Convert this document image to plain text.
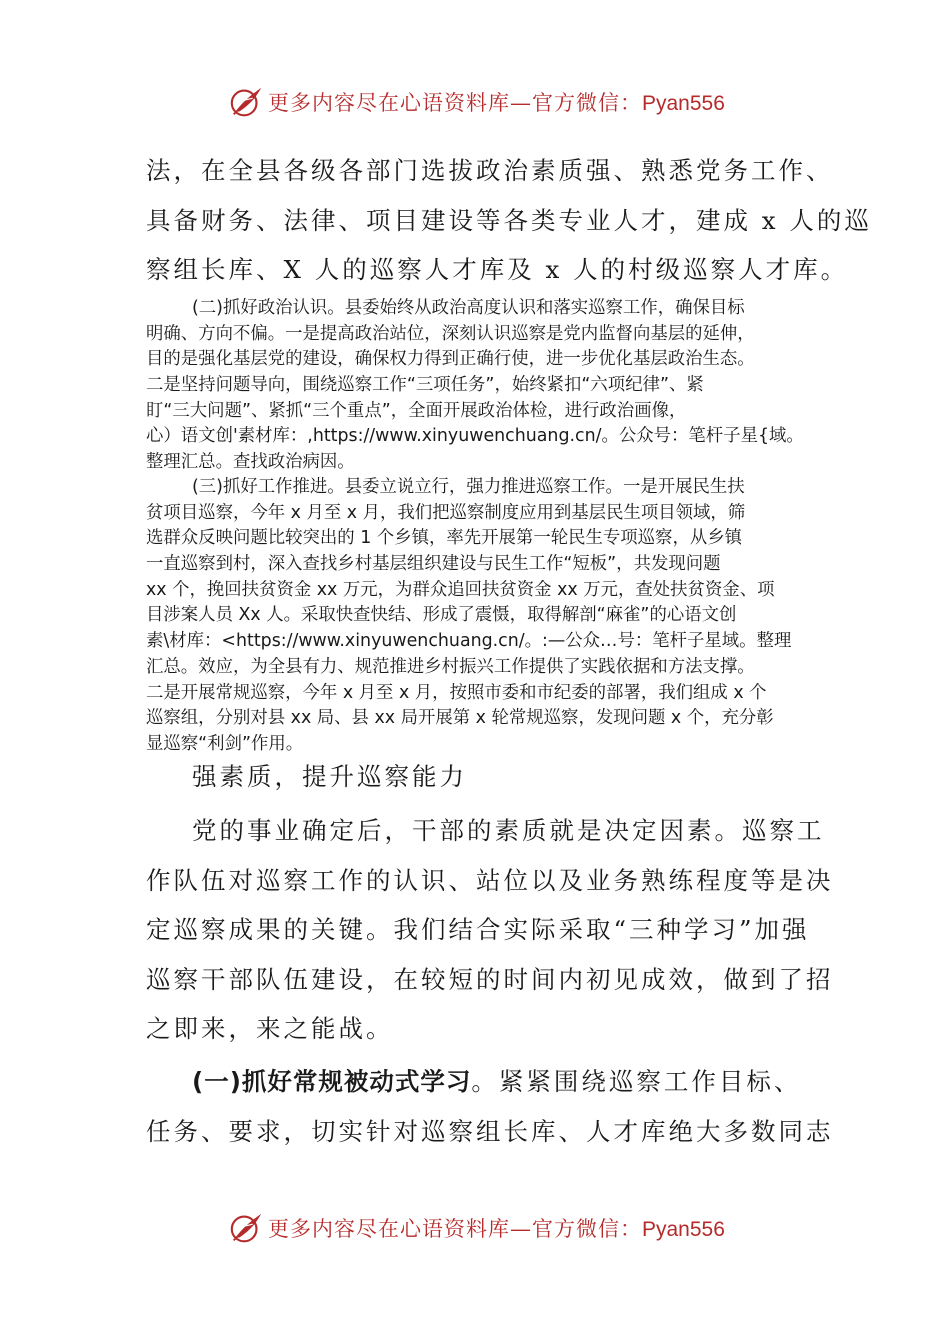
更多内容尽在心语资料库—官方微信：Pyan556
法，在全县各级各部门选拔政治素质强、熟悉党务工作、
具备财务、法律、项目建设等各类专业人才，建成 x 人的巡
察组长库、X 人的巡察人才库及 x 人的村级巡察人才库。
(二)抓好政治认识。县委始终从政治高度认识和落实巡察工作，确保目标
明确、方向不偏。一是提高政治站位，深刻认识巡察是党内监督向基层的延伸，
目的是强化基层党的建设，确保权力得到正确行使，进一步优化基层政治生态。
二是坚持问题导向，围绕巡察工作“三项任务”，始终紧扣“六项纪律”、紧
盯“三大问题”、紧抓“三个重点”，全面开展政治体检，进行政治画像，
心）语文创'素材库：,https://www.xinyuwenchuang.cn/。公众号：笔杆子星{域。
整理汇总。查找政治病因。
(三)抓好工作推进。县委立说立行，强力推进巡察工作。一是开展民生扶
贫项目巡察，今年 x 月至 x 月，我们把巡察制度应用到基层民生项目领域，筛
选群众反映问题比较突出的 1 个乡镇，率先开展第一轮民生专项巡察，从乡镇
一直巡察到村，深入查找乡村基层组织建设与民生工作“短板”，共发现问题
xx 个，挽回扶贫资金 xx 万元，为群众追回扶贫资金 xx 万元，查处扶贫资金、项
目涉案人员 Xx 人。采取快查快结、形成了震慑，取得解剖“麻雀”的心语文创
素\材库：<https://www.xinyuwenchuang.cn/。:—公众…号：笔杆子星域。整理
汇总。效应，为全县有力、规范推进乡村振兴工作提供了实践依据和方法支撑。
二是开展常规巡察，今年 x 月至 x 月，按照市委和市纪委的部署，我们组成 x 个
巡察组，分别对县 xx 局、县 xx 局开展第 x 轮常规巡察，发现问题 x 个，充分彰
显巡察“利剑”作用。
强素质，提升巡察能力
党的事业确定后，干部的素质就是决定因素。巡察工
作队伍对巡察工作的认识、站位以及业务熟练程度等是决
定巡察成果的关键。我们结合实际采取“三种学习”加强
巡察干部队伍建设，在较短的时间内初见成效，做到了招
之即来，来之能战。
(一)抓好常规被动式学习。紧紧围绕巡察工作目标、
任务、要求，切实针对巡察组长库、人才库绝大多数同志
更多内容尽在心语资料库—官方微信：Pyan556
